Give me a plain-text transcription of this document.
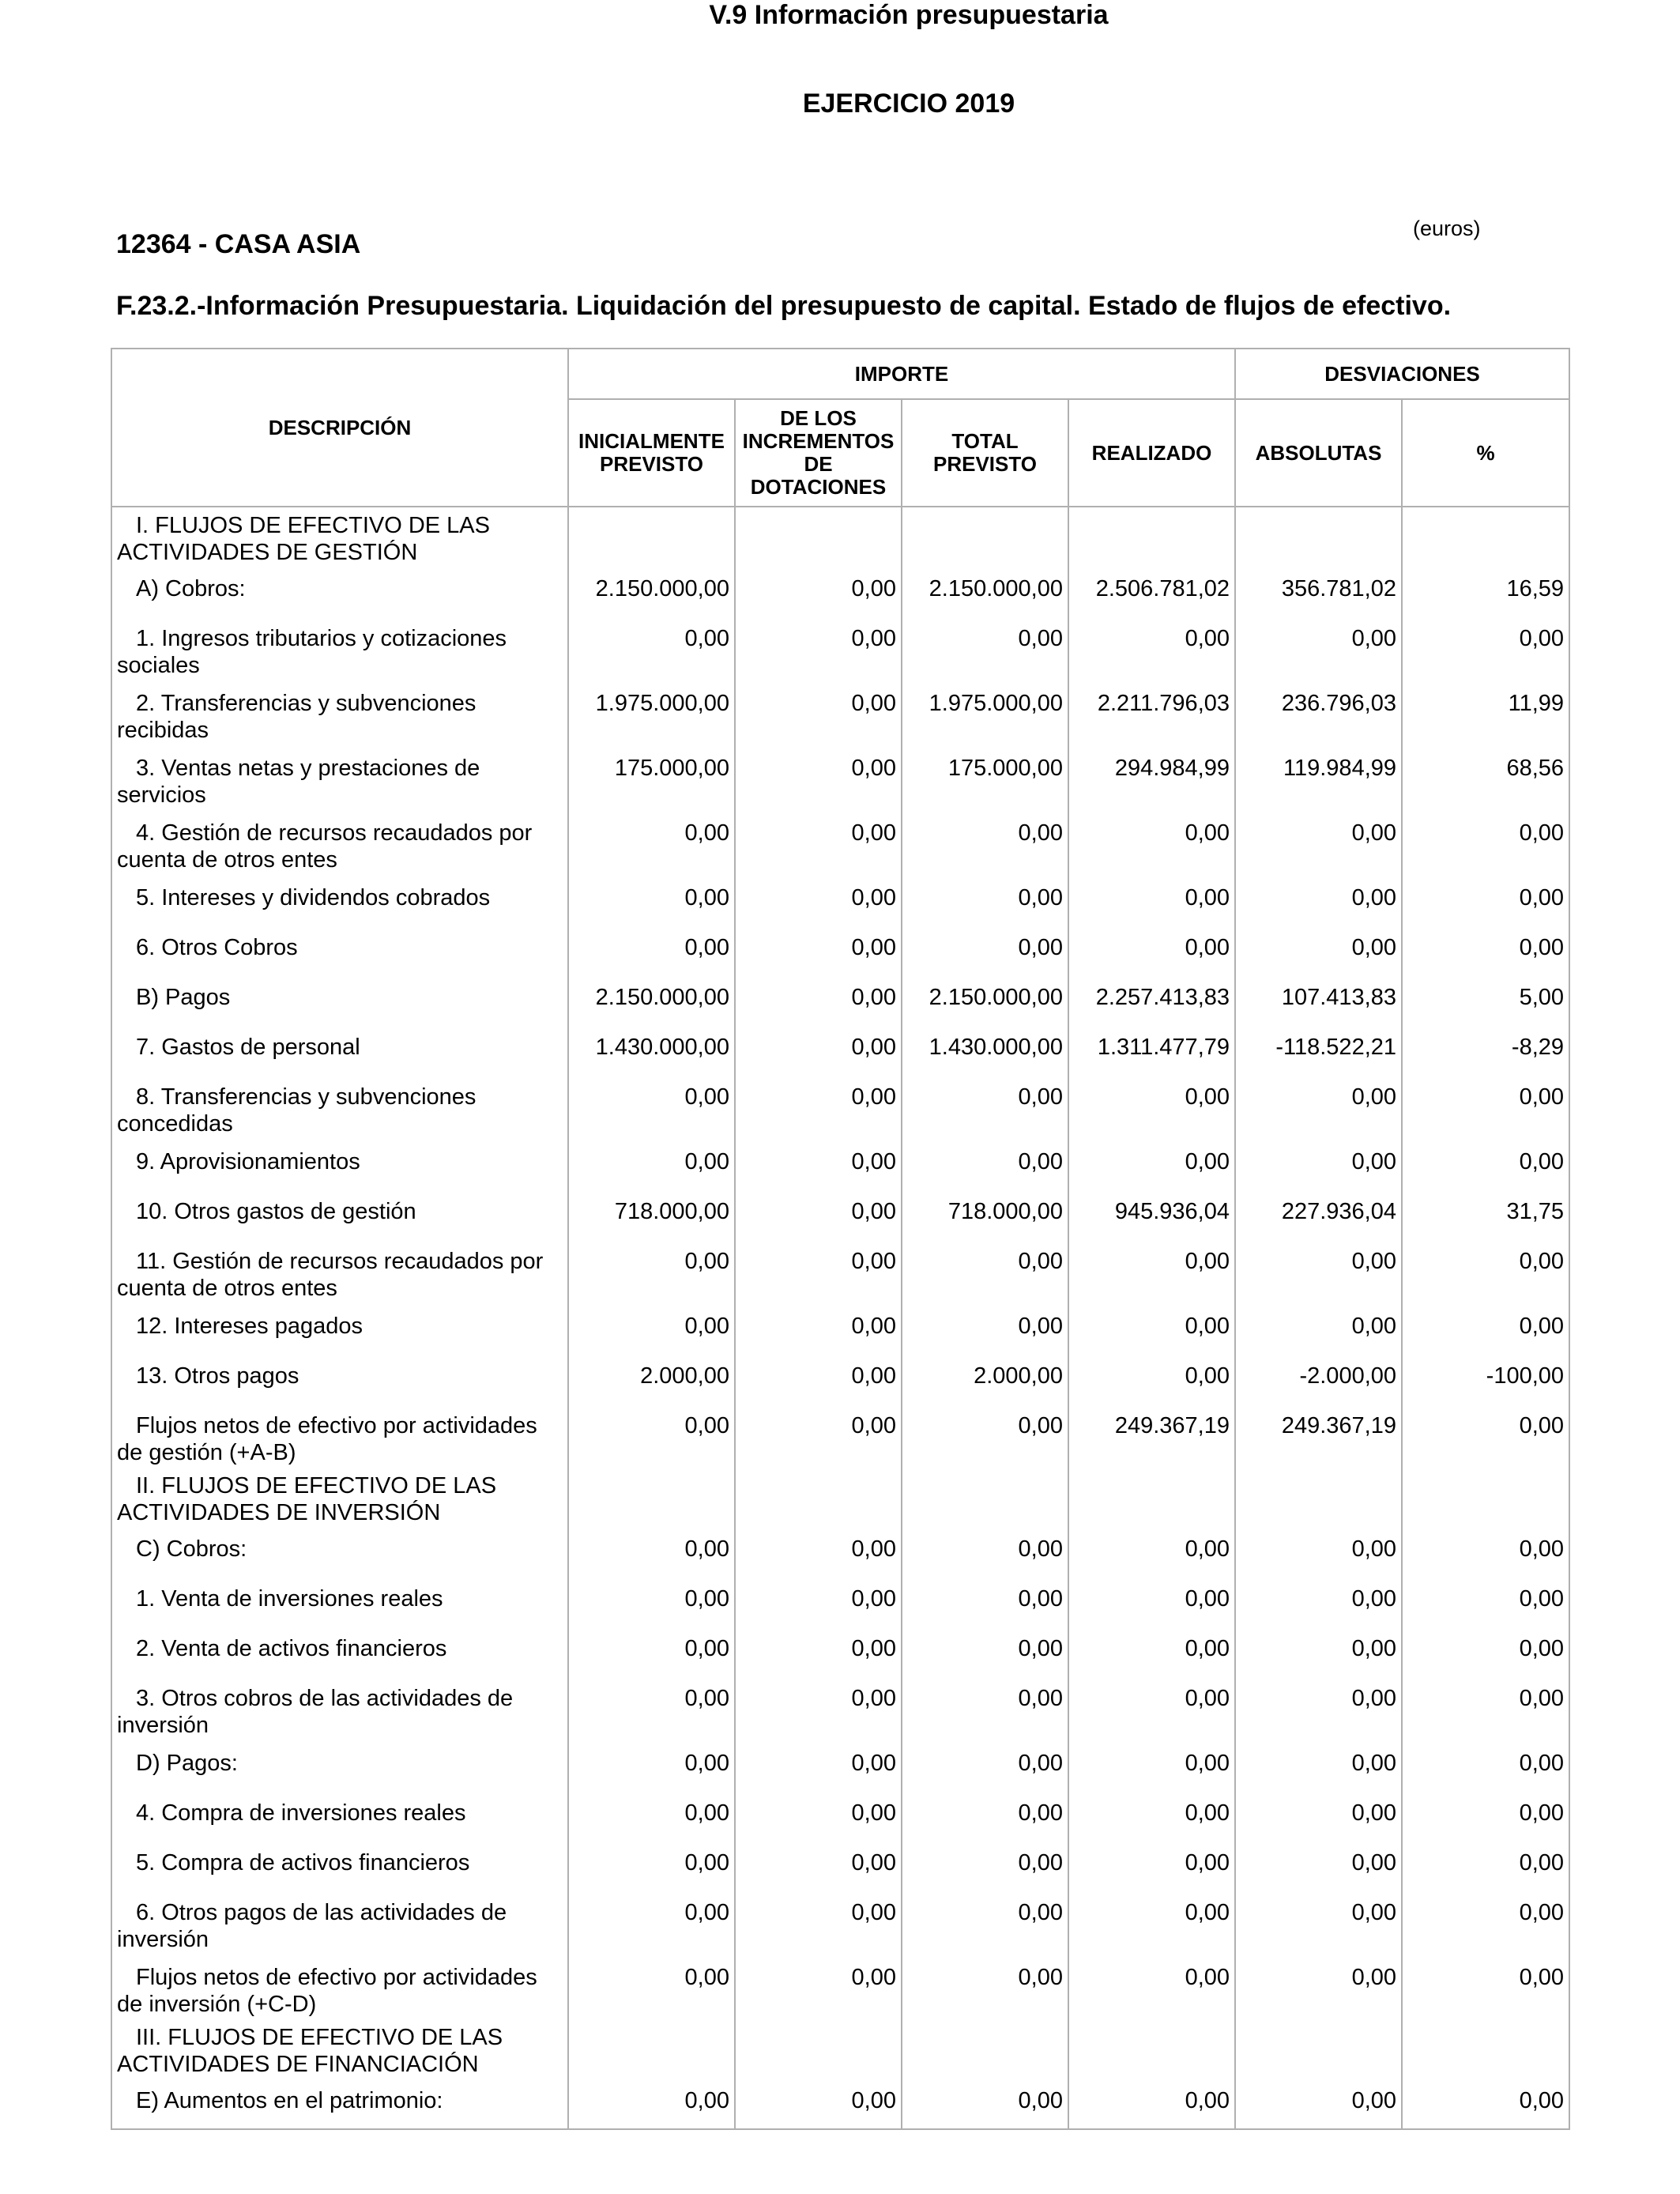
V.9 Información presupuestaria
EJERCICIO 2019
12364 - CASA ASIA
(euros)
F.23.2.-Información Presupuestaria. Liquidación del presupuesto de capital. Estado de flujos de efectivo.
DESCRIPCIÓN	IMPORTE				DESVIACIONES	
	INICIALMENTE PREVISTO	DE LOS INCREMENTOS DE DOTACIONES	TOTAL PREVISTO	REALIZADO	ABSOLUTAS	%

I. FLUJOS DE EFECTIVO DE LAS ACTIVIDADES DE GESTIÓN						

A) Cobros:	2.150.000,00	0,00	2.150.000,00	2.506.781,02	356.781,02	16,59

1. Ingresos tributarios y cotizaciones sociales	0,00	0,00	0,00	0,00	0,00	0,00

2. Transferencias y subvenciones recibidas	1.975.000,00	0,00	1.975.000,00	2.211.796,03	236.796,03	11,99

3. Ventas netas y prestaciones de servicios	175.000,00	0,00	175.000,00	294.984,99	119.984,99	68,56

4. Gestión de recursos recaudados por cuenta de otros entes	0,00	0,00	0,00	0,00	0,00	0,00

5. Intereses y dividendos cobrados	0,00	0,00	0,00	0,00	0,00	0,00

6. Otros Cobros	0,00	0,00	0,00	0,00	0,00	0,00

B) Pagos	2.150.000,00	0,00	2.150.000,00	2.257.413,83	107.413,83	5,00

7. Gastos de personal	1.430.000,00	0,00	1.430.000,00	1.311.477,79	-118.522,21	-8,29

8. Transferencias y subvenciones concedidas	0,00	0,00	0,00	0,00	0,00	0,00

9. Aprovisionamientos	0,00	0,00	0,00	0,00	0,00	0,00

10. Otros gastos de gestión	718.000,00	0,00	718.000,00	945.936,04	227.936,04	31,75

11. Gestión de recursos recaudados por cuenta de otros entes	0,00	0,00	0,00	0,00	0,00	0,00

12. Intereses pagados	0,00	0,00	0,00	0,00	0,00	0,00

13. Otros pagos	2.000,00	0,00	2.000,00	0,00	-2.000,00	-100,00

Flujos netos de efectivo por actividades de gestión (+A-B)	0,00	0,00	0,00	249.367,19	249.367,19	0,00

II. FLUJOS DE EFECTIVO DE LAS ACTIVIDADES DE INVERSIÓN						

C) Cobros:	0,00	0,00	0,00	0,00	0,00	0,00

1. Venta de inversiones reales	0,00	0,00	0,00	0,00	0,00	0,00

2. Venta de activos financieros	0,00	0,00	0,00	0,00	0,00	0,00

3. Otros cobros de las actividades de inversión	0,00	0,00	0,00	0,00	0,00	0,00

D) Pagos:	0,00	0,00	0,00	0,00	0,00	0,00

4. Compra de inversiones reales	0,00	0,00	0,00	0,00	0,00	0,00

5. Compra de activos financieros	0,00	0,00	0,00	0,00	0,00	0,00

6. Otros pagos de las actividades de inversión	0,00	0,00	0,00	0,00	0,00	0,00

Flujos netos de efectivo por actividades de inversión (+C-D)	0,00	0,00	0,00	0,00	0,00	0,00

III. FLUJOS DE EFECTIVO DE LAS ACTIVIDADES DE FINANCIACIÓN						

E) Aumentos en el patrimonio:	0,00	0,00	0,00	0,00	0,00	0,00
